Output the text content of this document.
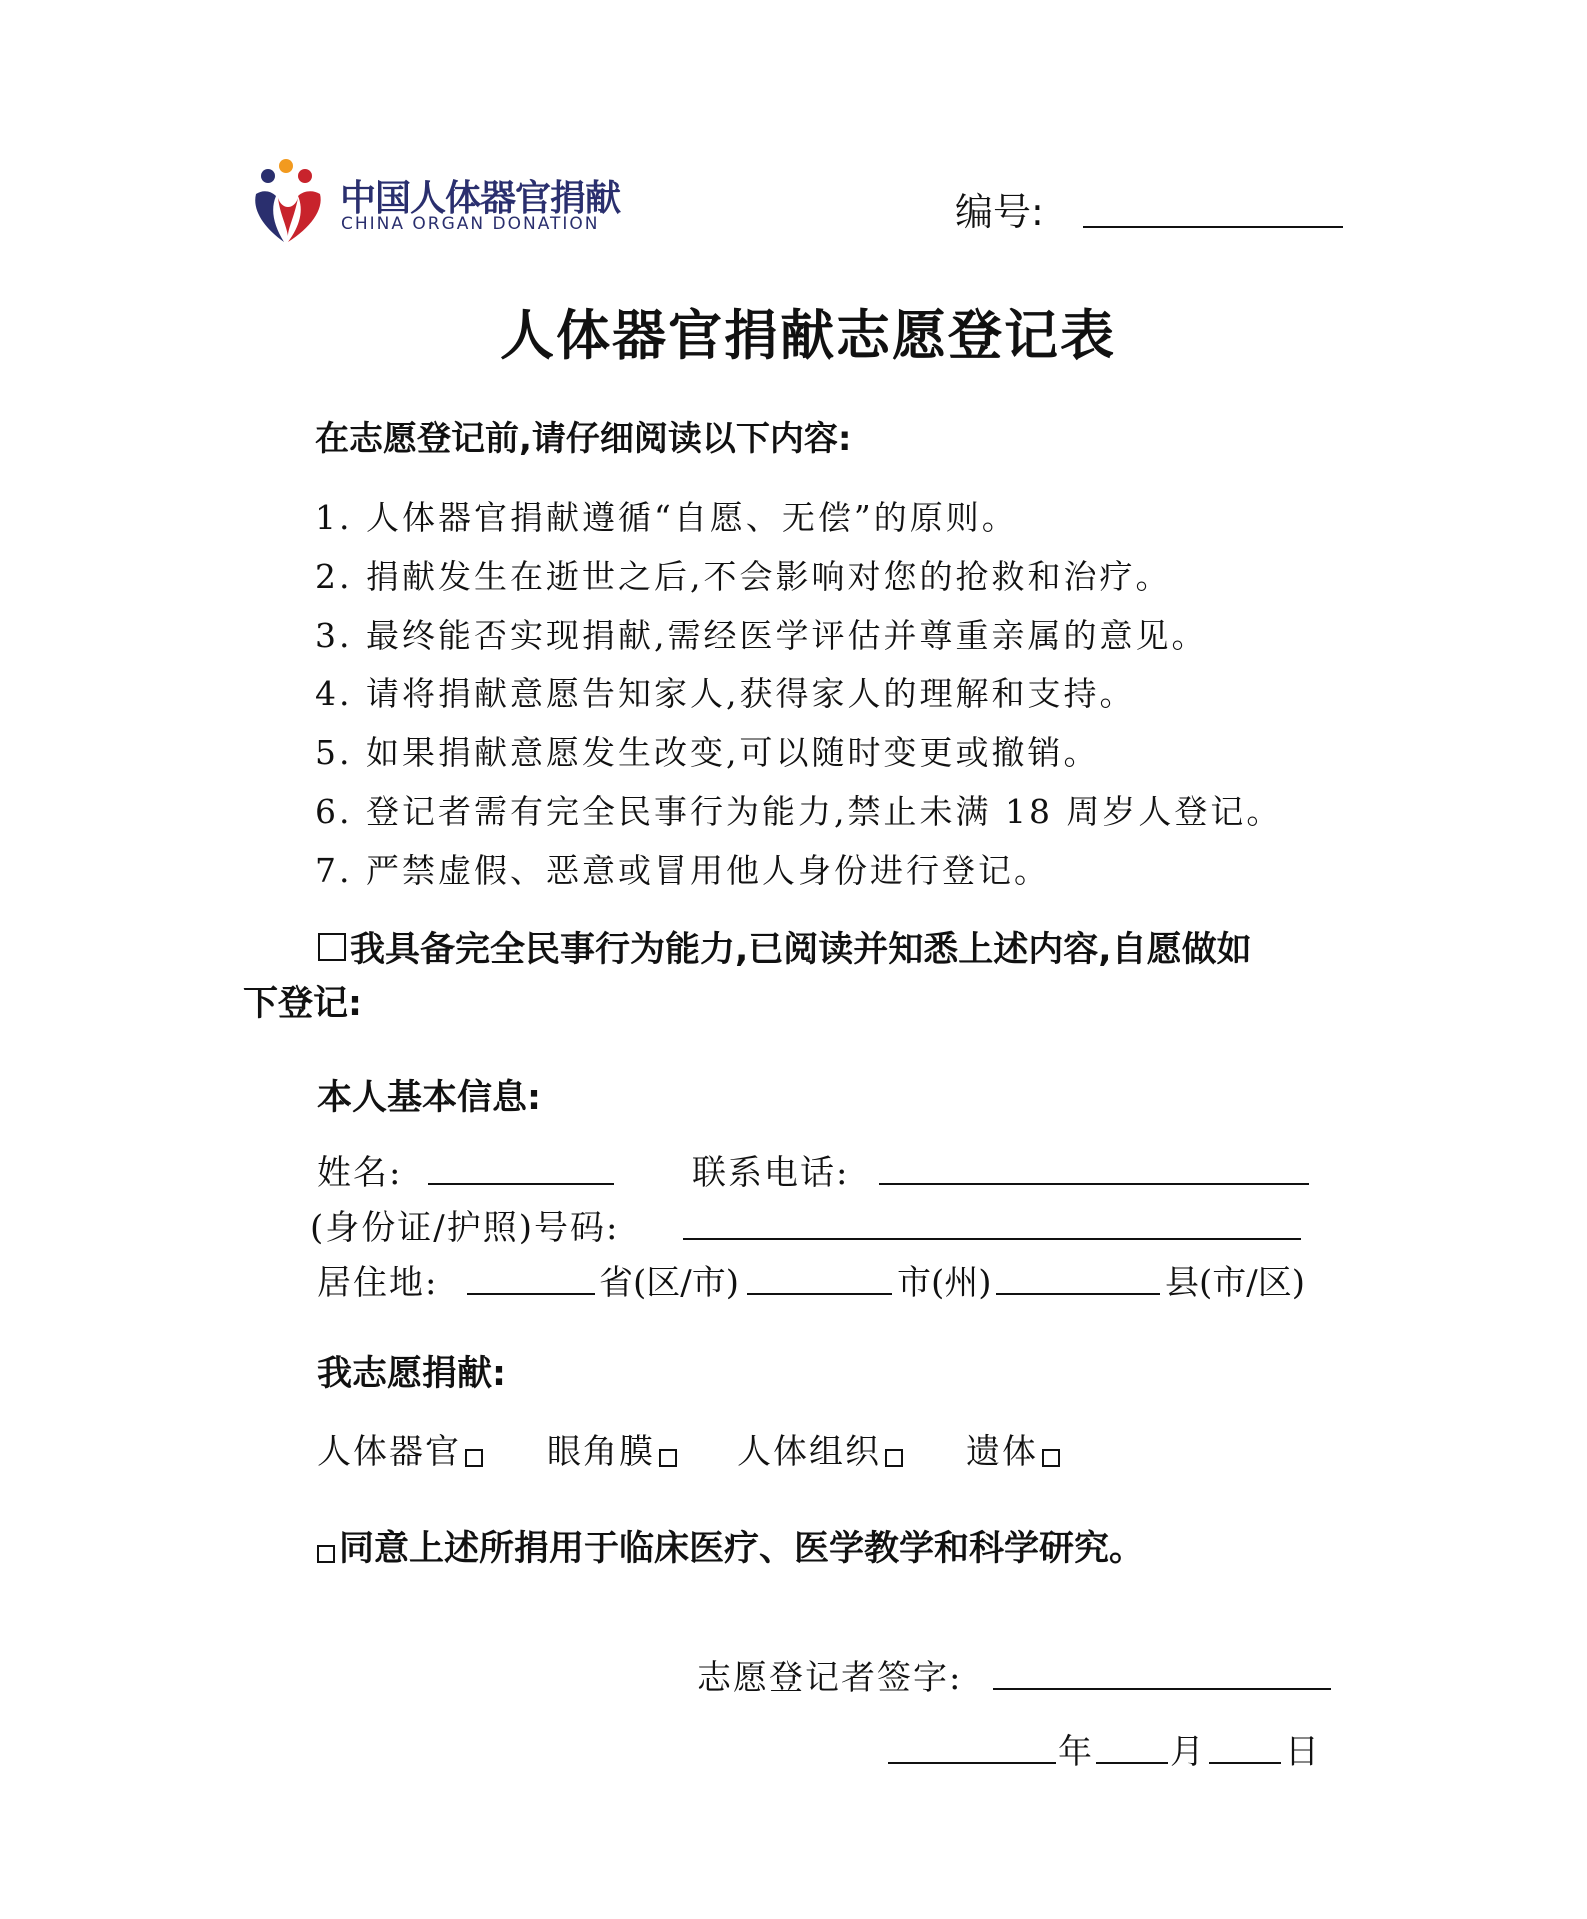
中国人体器官捐献
CHINA ORGAN DONATION	编号:
人体器官捐献志愿登记表
在志愿登记前,请仔细阅读以下内容:
1. 人体器官捐献遵循“自愿、无偿”的原则。
2. 捐献发生在逝世之后,不会影响对您的抢救和治疗。
3. 最终能否实现捐献,需经医学评估并尊重亲属的意见。
4. 请将捐献意愿告知家人,获得家人的理解和支持。
5. 如果捐献意愿发生改变,可以随时变更或撤销。
6. 登记者需有完全民事行为能力,禁止未满 18 周岁人登记。
7. 严禁虚假、恶意或冒用他人身份进行登记。
我具备完全民事行为能力,已阅读并知悉上述内容,自愿做如
下登记:
本人基本信息:
姓名:	联系电话:
(身份证/护照)号码:
居住地:	省(区/市)	市(州)	县(市/区)
我志愿捐献:
人体器官	眼角膜	人体组织	遗体
同意上述所捐用于临床医疗、医学教学和科学研究。
志愿登记者签字:
年 月 日
